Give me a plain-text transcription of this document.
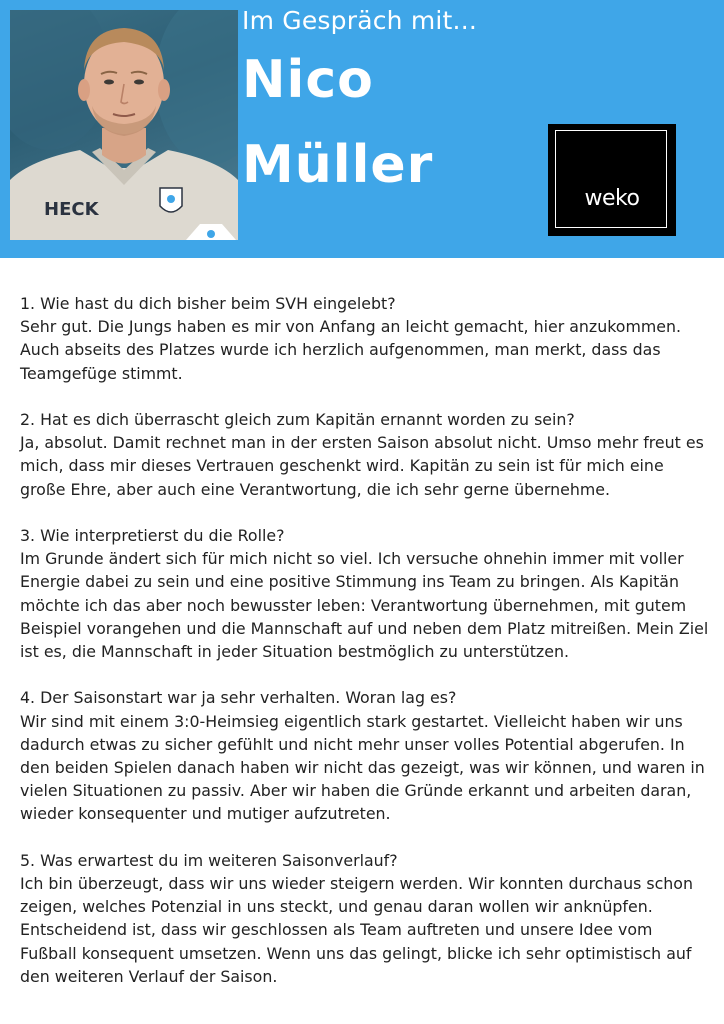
HECK
Im Gespräch mit...
Nico
Müller
weko

1. Wie hast du dich bisher beim SVH eingelebt?

Sehr gut. Die Jungs haben es mir von Anfang an leicht gemacht, hier anzukommen. Auch abseits des Platzes wurde ich herzlich aufgenommen, man merkt, dass das Teamgefüge stimmt.

2. Hat es dich überrascht gleich zum Kapitän ernannt worden zu sein?

Ja, absolut. Damit rechnet man in der ersten Saison absolut nicht. Umso mehr freut es mich, dass mir dieses Vertrauen geschenkt wird. Kapitän zu sein ist für mich eine große Ehre, aber auch eine Verantwortung, die ich sehr gerne übernehme.

3. Wie interpretierst du die Rolle?

Im Grunde ändert sich für mich nicht so viel. Ich versuche ohnehin immer mit voller Energie dabei zu sein und eine positive Stimmung ins Team zu bringen. Als Kapitän möchte ich das aber noch bewusster leben: Verantwortung übernehmen, mit gutem Beispiel vorangehen und die Mannschaft auf und neben dem Platz mitreißen. Mein Ziel ist es, die Mannschaft in jeder Situation bestmöglich zu unterstützen.

4. Der Saisonstart war ja sehr verhalten. Woran lag es?

Wir sind mit einem 3:0-Heimsieg eigentlich stark gestartet. Vielleicht haben wir uns dadurch etwas zu sicher gefühlt und nicht mehr unser volles Potential abgerufen. In den beiden Spielen danach haben wir nicht das gezeigt, was wir können, und waren in vielen Situationen zu passiv. Aber wir haben die Gründe erkannt und arbeiten daran, wieder konsequenter und mutiger aufzutreten.

5. Was erwartest du im weiteren Saisonverlauf?

Ich bin überzeugt, dass wir uns wieder steigern werden. Wir konnten durchaus schon zeigen, welches Potenzial in uns steckt, und genau daran wollen wir anknüpfen. Entscheidend ist, dass wir geschlossen als Team auftreten und unsere Idee vom Fußball konsequent umsetzen. Wenn uns das gelingt, blicke ich sehr optimistisch auf den weiteren Verlauf der Saison.
